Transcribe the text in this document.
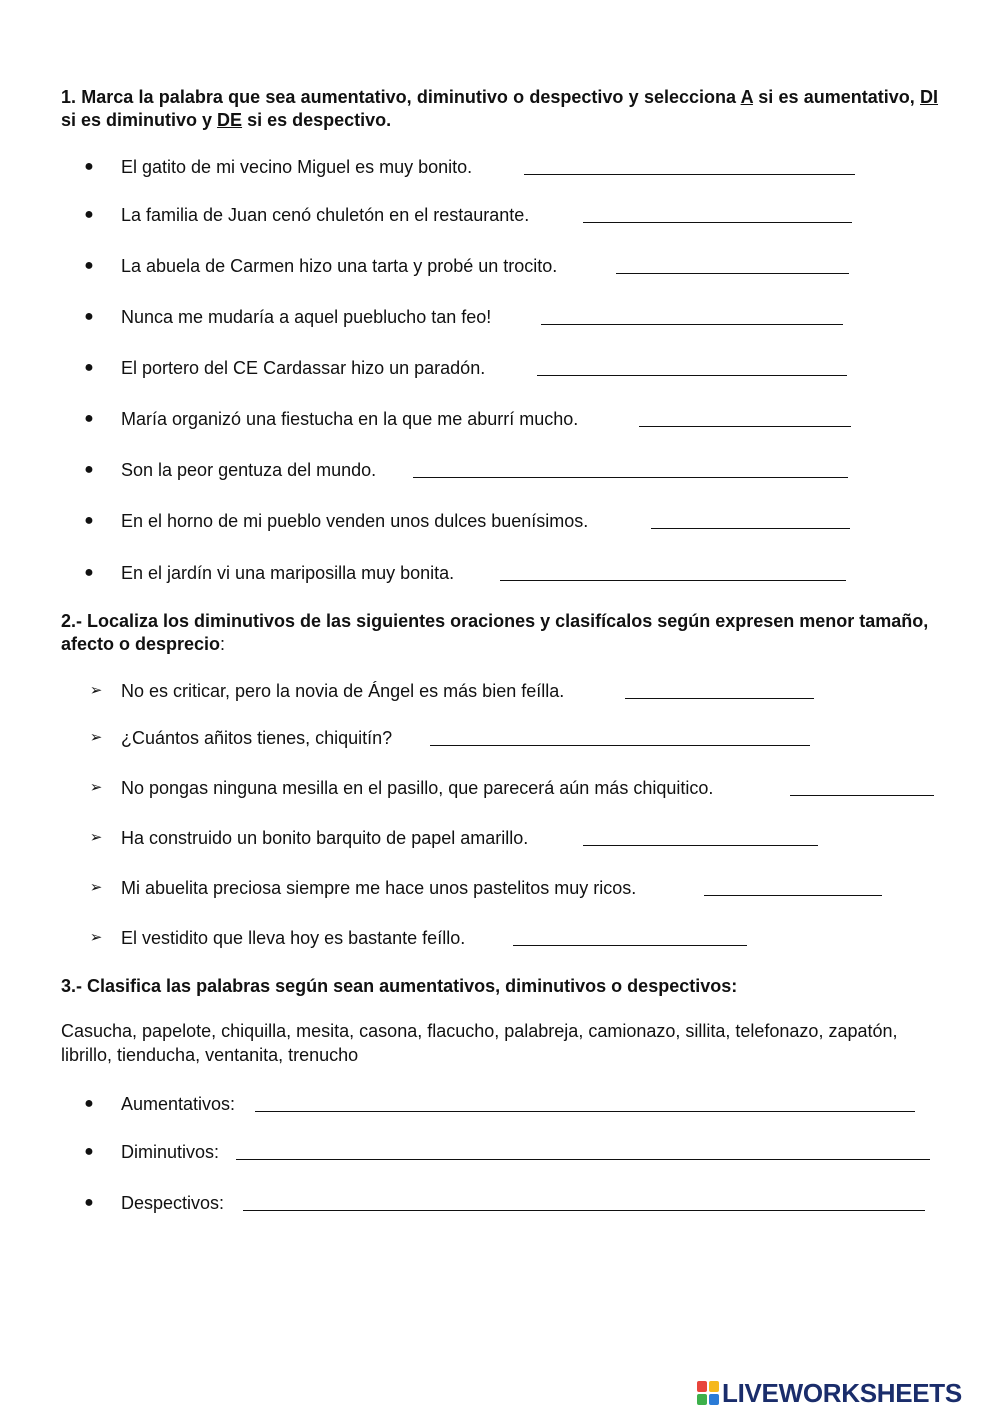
1. Marca la palabra que sea aumentativo, diminutivo o despectivo y selecciona A si es aumentativo, DI si es diminutivo y DE si es despectivo.
● El gatito de mi vecino Miguel es muy bonito.
● La familia de Juan cenó chuletón en el restaurante.
● La abuela de Carmen hizo una tarta y probé un trocito.
● Nunca me mudaría a aquel pueblucho tan feo!
● El portero del CE Cardassar hizo un paradón.
● María organizó una fiestucha en la que me aburrí mucho.
● Son la peor gentuza del mundo.
● En el horno de mi pueblo venden unos dulces buenísimos.
● En el jardín vi una mariposilla muy bonita.
2.- Localiza los diminutivos de las siguientes oraciones y clasifícalos según expresen menor tamaño, afecto o desprecio:
➢ No es criticar, pero la novia de Ángel es más bien feílla.
➢ ¿Cuántos añitos tienes, chiquitín?
➢ No pongas ninguna mesilla en el pasillo, que parecerá aún más chiquitico.
➢ Ha construido un bonito barquito de papel amarillo.
➢ Mi abuelita preciosa siempre me hace unos pastelitos muy ricos.
➢ El vestidito que lleva hoy es bastante feíllo.
3.- Clasifica las palabras según sean aumentativos, diminutivos o despectivos:
Casucha, papelote, chiquilla, mesita, casona, flacucho, palabreja, camionazo, sillita, telefonazo, zapatón, librillo, tienducha, ventanita, trenucho
● Aumentativos:
● Diminutivos:
● Despectivos:
LIVEWORKSHEETS
